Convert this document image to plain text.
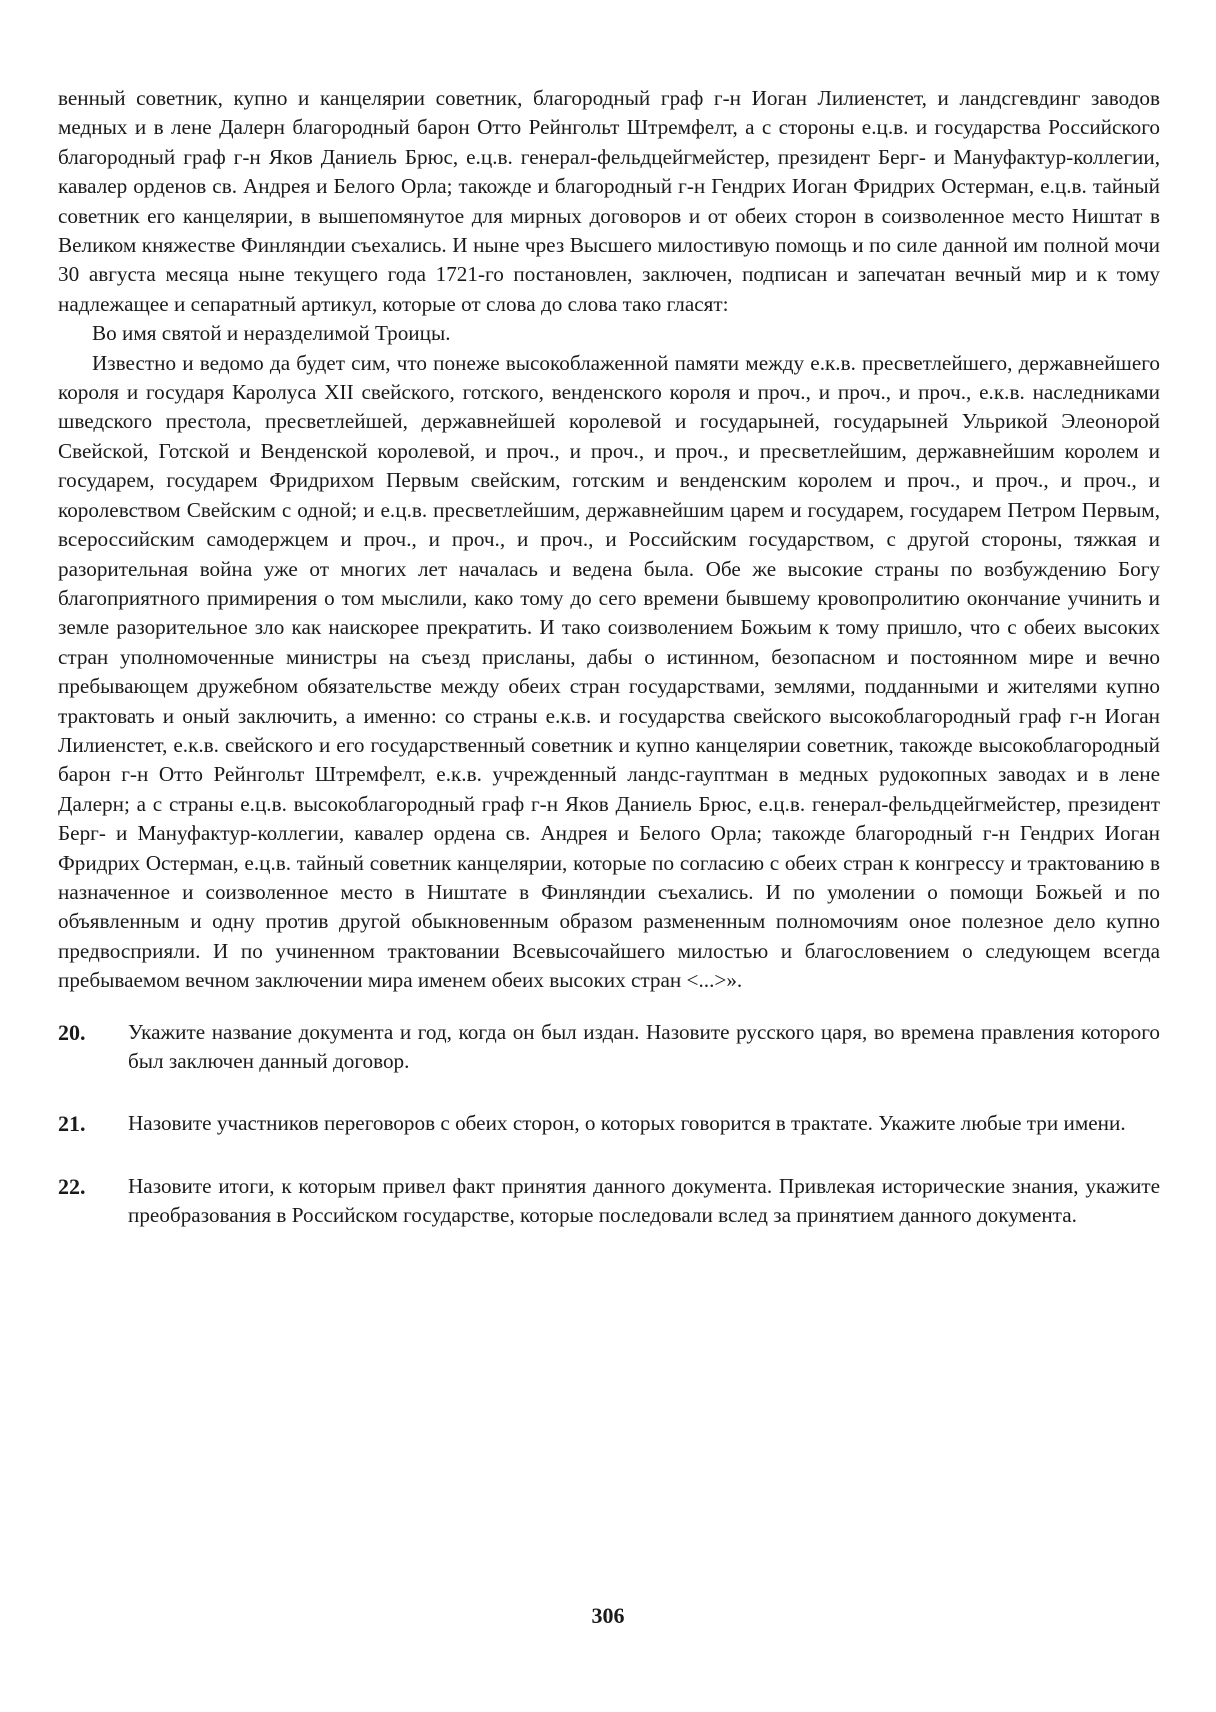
венный советник, купно и канцелярии советник, благородный граф г-н Иоган Лилиенстет, и ландсгевдинг заводов медных и в лене Далерн благородный барон Отто Рейнгольт Штремфелт, а с стороны е.ц.в. и государства Российского благородный граф г-н Яков Даниель Брюс, е.ц.в. генерал-фельдцейгмейстер, президент Берг- и Мануфактур-коллегии, кавалер орденов св. Андрея и Белого Орла; такожде и благородный г-н Гендрих Иоган Фридрих Остерман, е.ц.в. тайный советник его канцелярии, в вышепомянутое для мирных договоров и от обеих сторон в соизволенное место Ништат в Великом княжестве Финляндии съехались. И ныне чрез Высшего милостивую помощь и по силе данной им полной мочи 30 августа месяца ныне текущего года 1721-го постановлен, заключен, подписан и запечатан вечный мир и к тому надлежащее и сепаратный артикул, которые от слова до слова тако гласят:

Во имя святой и неразделимой Троицы.

Известно и ведомо да будет сим, что понеже высокоблаженной памяти между е.к.в. пресветлейшего, державнейшего короля и государя Каролуса XII свейского, готского, венденского короля и проч., и проч., и проч., е.к.в. наследниками шведского престола, пресветлейшей, державнейшей королевой и государыней, государыней Ульрикой Элеонорой Свейской, Готской и Венденской королевой, и проч., и проч., и проч., и пресветлейшим, державнейшим королем и государем, государем Фридрихом Первым свейским, готским и венденским королем и проч., и проч., и проч., и королевством Свейским с одной; и е.ц.в. пресветлейшим, державнейшим царем и государем, государем Петром Первым, всероссийским самодержцем и проч., и проч., и проч., и Российским государством, с другой стороны, тяжкая и разорительная война уже от многих лет началась и ведена была. Обе же высокие страны по возбуждению Богу благоприятного примирения о том мыслили, како тому до сего времени бывшему кровопролитию окончание учинить и земле разорительное зло как наискорее прекратить. И тако соизволением Божьим к тому пришло, что с обеих высоких стран уполномоченные министры на съезд присланы, дабы о истинном, безопасном и постоянном мире и вечно пребывающем дружебном обязательстве между обеих стран государствами, землями, подданными и жителями купно трактовать и оный заключить, а именно: со страны е.к.в. и государства свейского высокоблагородный граф г-н Иоган Лилиенстет, е.к.в. свейского и его государственный советник и купно канцелярии советник, такожде высокоблагородный барон г-н Отто Рейнгольт Штремфелт, е.к.в. учрежденный ландс-гауптман в медных рудокопных заводах и в лене Далерн; а с страны е.ц.в. высокоблагородный граф г-н Яков Даниель Брюс, е.ц.в. генерал-фельдцейгмейстер, президент Берг- и Мануфактур-коллегии, кавалер ордена св. Андрея и Белого Орла; такожде благородный г-н Гендрих Иоган Фридрих Остерман, е.ц.в. тайный советник канцелярии, которые по согласию с обеих стран к конгрессу и трактованию в назначенное и соизволенное место в Ништате в Финляндии съехались. И по умолении о помощи Божьей и по объявленным и одну против другой обыкновенным образом размененным полномочиям оное полезное дело купно предвосприяли. И по учиненном трактовании Всевысочайшего милостью и благословением о следующем всегда пребываемом вечном заключении мира именем обеих высоких стран <...>».

20.	Укажите название документа и год, когда он был издан. Назовите русского царя, во времена правления которого был заключен данный договор.
21.	Назовите участников переговоров с обеих сторон, о которых говорится в трактате. Укажите любые три имени.
22.	Назовите итоги, к которым привел факт принятия данного документа. Привлекая исторические знания, укажите преобразования в Российском государстве, которые последовали вслед за принятием данного документа.
306
